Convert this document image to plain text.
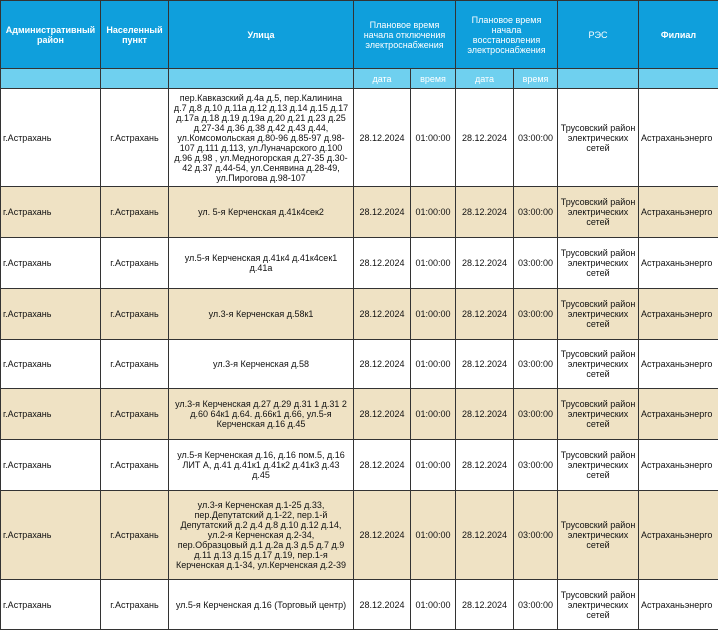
Административный район	Населенный пункт	Улица	Плановое время начала отключения электроснабжения		Плановое время начала восстановления электроснабжения		РЭС	Филиал
			дата	время	дата	время		
г.Астрахань	г.Астрахань	пер.Кавказский д.4а д.5, пер.Калинина д.7 д.8 д.10 д.11а д.12 д.13 д.14 д.15 д.17 д.17а д.18 д.19 д.19а д.20 д.21 д.23 д.25 д.27-34 д.36 д.38 д.42 д.43 д.44, ул.Комсомольская д.80-96 д.85-97 д.98-107 д.111 д.113, ул.Луначарского д.100 д.96 д.98 , ул.Медногорская д.27-35 д.30-42 д.37 д.44-54, ул.Сенявина д.28-49, ул.Пирогова д.98-107	28.12.2024	01:00:00	28.12.2024	03:00:00	Трусовский район электрических сетей	Астраханьэнерго
г.Астрахань	г.Астрахань	ул. 5-я Керченская д.41к4сек2	28.12.2024	01:00:00	28.12.2024	03:00:00	Трусовский район электрических сетей	Астраханьэнерго
г.Астрахань	г.Астрахань	ул.5-я Керченская д.41к4 д.41к4сек1 д.41а	28.12.2024	01:00:00	28.12.2024	03:00:00	Трусовский район электрических сетей	Астраханьэнерго
г.Астрахань	г.Астрахань	ул.3-я Керченская д.58к1	28.12.2024	01:00:00	28.12.2024	03:00:00	Трусовский район электрических сетей	Астраханьэнерго
г.Астрахань	г.Астрахань	ул.3-я Керченская д.58	28.12.2024	01:00:00	28.12.2024	03:00:00	Трусовский район электрических сетей	Астраханьэнерго
г.Астрахань	г.Астрахань	ул.3-я Керченская д.27 д.29 д.31 1 д.31 2 д.60 64к1 д.64. д.66к1 д.66, ул.5-я Керченская д.16 д.45	28.12.2024	01:00:00	28.12.2024	03:00:00	Трусовский район электрических сетей	Астраханьэнерго
г.Астрахань	г.Астрахань	ул.5-я Керченская д.16, д.16 пом.5, д.16 ЛИТ А, д.41 д.41к1 д.41к2 д.41к3 д.43 д.45	28.12.2024	01:00:00	28.12.2024	03:00:00	Трусовский район электрических сетей	Астраханьэнерго
г.Астрахань	г.Астрахань	ул.3-я Керченская д.1-25 д.33, пер.Депутатский д.1-22, пер.1-й Депутатский д.2 д.4 д.8 д.10 д.12 д.14, ул.2-я Керченская д.2-34, пер.Образцовый д.1 д.2а д.3 д.5 д.7 д.9 д.11 д.13 д.15 д.17 д.19, пер.1-я Керченская д.1-34, ул.Керченская д.2-39	28.12.2024	01:00:00	28.12.2024	03:00:00	Трусовский район электрических сетей	Астраханьэнерго
г.Астрахань	г.Астрахань	ул.5-я Керченская д.16 (Торговый центр)	28.12.2024	01:00:00	28.12.2024	03:00:00	Трусовский район электрических сетей	Астраханьэнерго
